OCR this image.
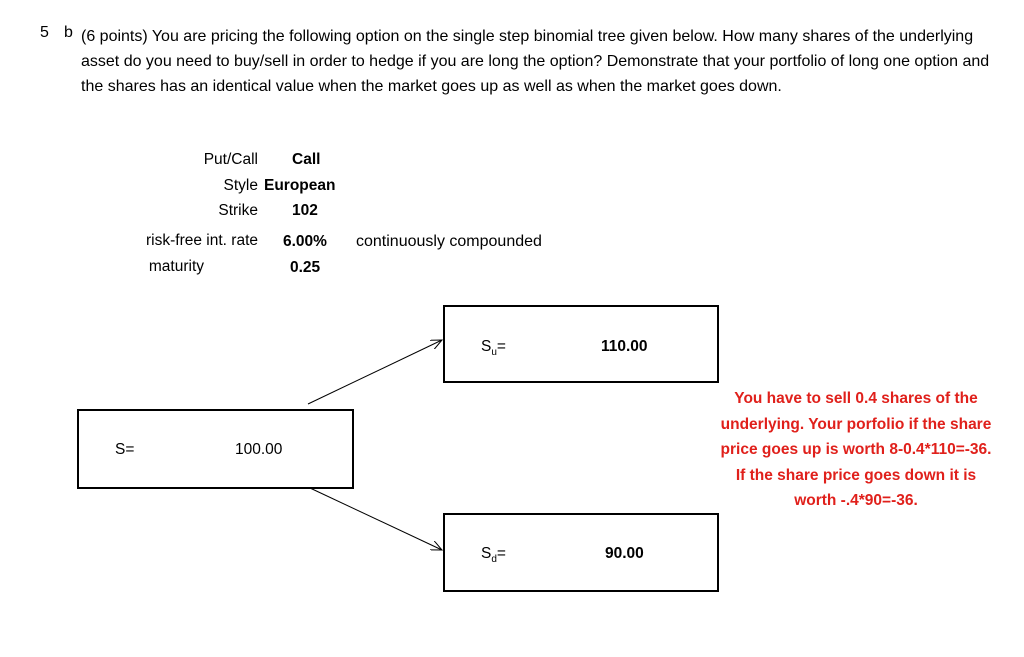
5 b (6 points) You are pricing the following option on the single step binomial tree given below. How many shares of the underlying asset do you need to buy/sell in order to hedge if you are long the option? Demonstrate that your portfolio of long one option and the shares has an identical value when the market goes up as well as when the market goes down.
Put/Call Call
Style European
Strike 102
risk-free int. rate 6.00% continuously compounded
maturity	0.25
$S_u=$	110.00
S=	100.00
$S_d=$	90.00
You have to sell 0.4 shares of the underlying. Your porfolio if the share price goes up is worth 8-0.4*110=-36. If the share price goes down it is worth -.4*90=-36.
